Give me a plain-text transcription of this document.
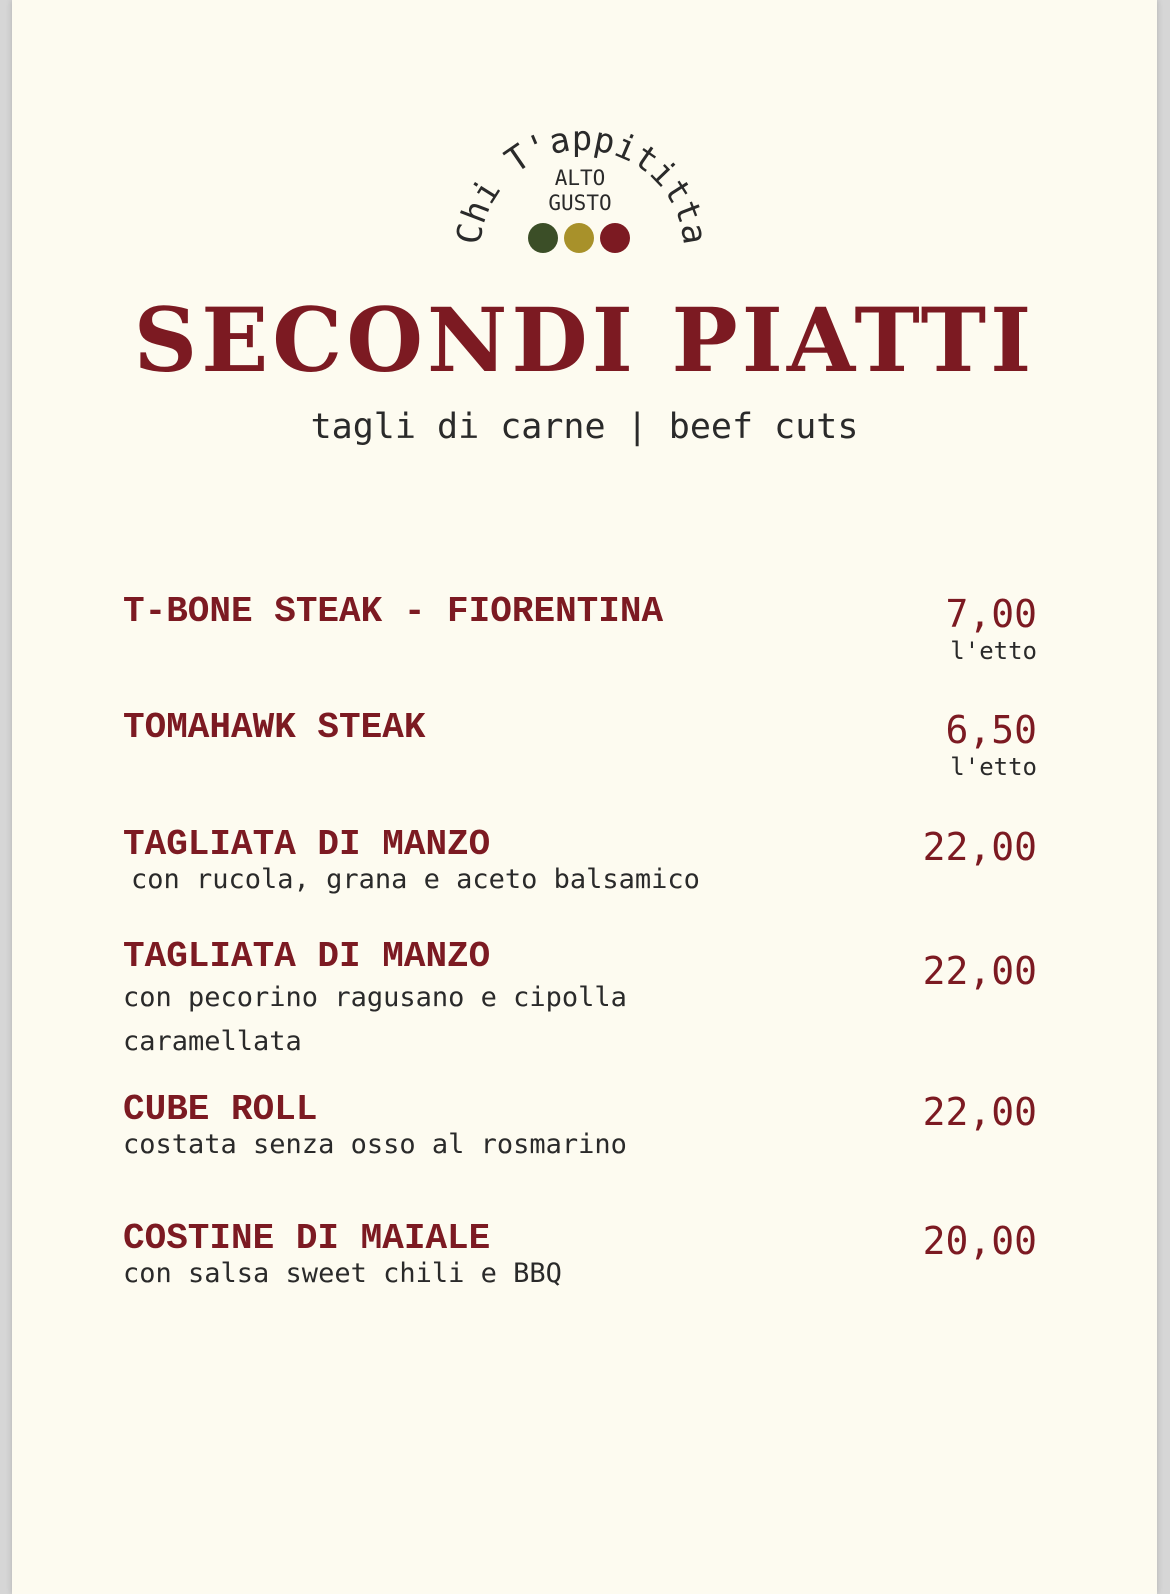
Chi T'appititta
ALTO
GUSTO
SECONDI PIATTI
tagli di carne | beef cuts
T-BONE STEAK - FIORENTINA	7,00
l'etto
TOMAHAWK STEAK	6,50
l'etto
TAGLIATA DI MANZO
con rucola, grana e aceto balsamico
22,00
TAGLIATA DI MANZO
con pecorino ragusano e cipolla
caramellata
22,00
CUBE ROLL
costata senza osso al rosmarino
22,00
COSTINE DI MAIALE
con salsa sweet chili e BBQ
20,00
